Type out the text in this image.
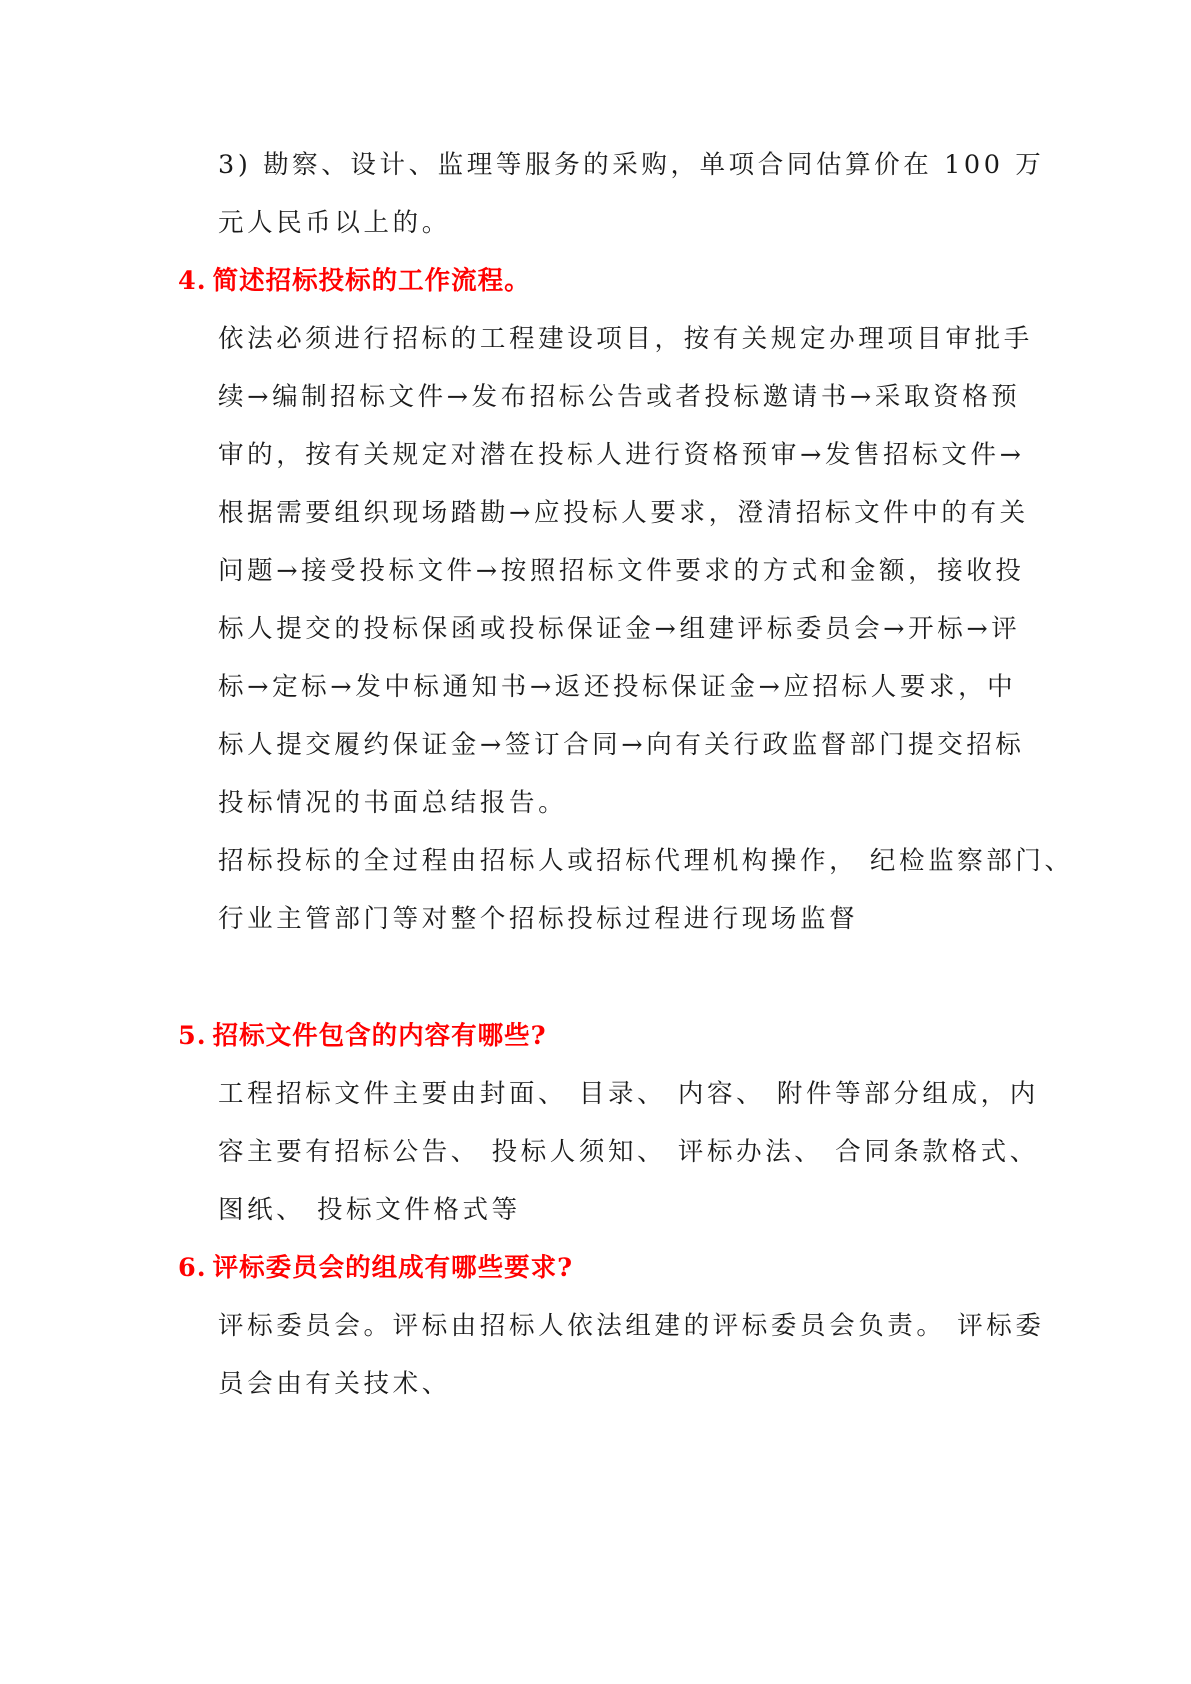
3) 勘察、设计、监理等服务的采购，单项合同估算价在 100 万
元人民币以上的。
4. 简述招标投标的工作流程。
依法必须进行招标的工程建设项目，按有关规定办理项目审批手
续→编制招标文件→发布招标公告或者投标邀请书→采取资格预
审的，按有关规定对潜在投标人进行资格预审→发售招标文件→
根据需要组织现场踏勘→应投标人要求，澄清招标文件中的有关
问题→接受投标文件→按照招标文件要求的方式和金额，接收投
标人提交的投标保函或投标保证金→组建评标委员会→开标→评
标→定标→发中标通知书→返还投标保证金→应招标人要求，中
标人提交履约保证金→签订合同→向有关行政监督部门提交招标
投标情况的书面总结报告。
招标投标的全过程由招标人或招标代理机构操作， 纪检监察部门、
行业主管部门等对整个招标投标过程进行现场监督
5. 招标文件包含的内容有哪些?
工程招标文件主要由封面、 目录、 内容、 附件等部分组成，内
容主要有招标公告、 投标人须知、 评标办法、 合同条款格式、
图纸、 投标文件格式等
6. 评标委员会的组成有哪些要求?
评标委员会。评标由招标人依法组建的评标委员会负责。 评标委
员会由有关技术、
